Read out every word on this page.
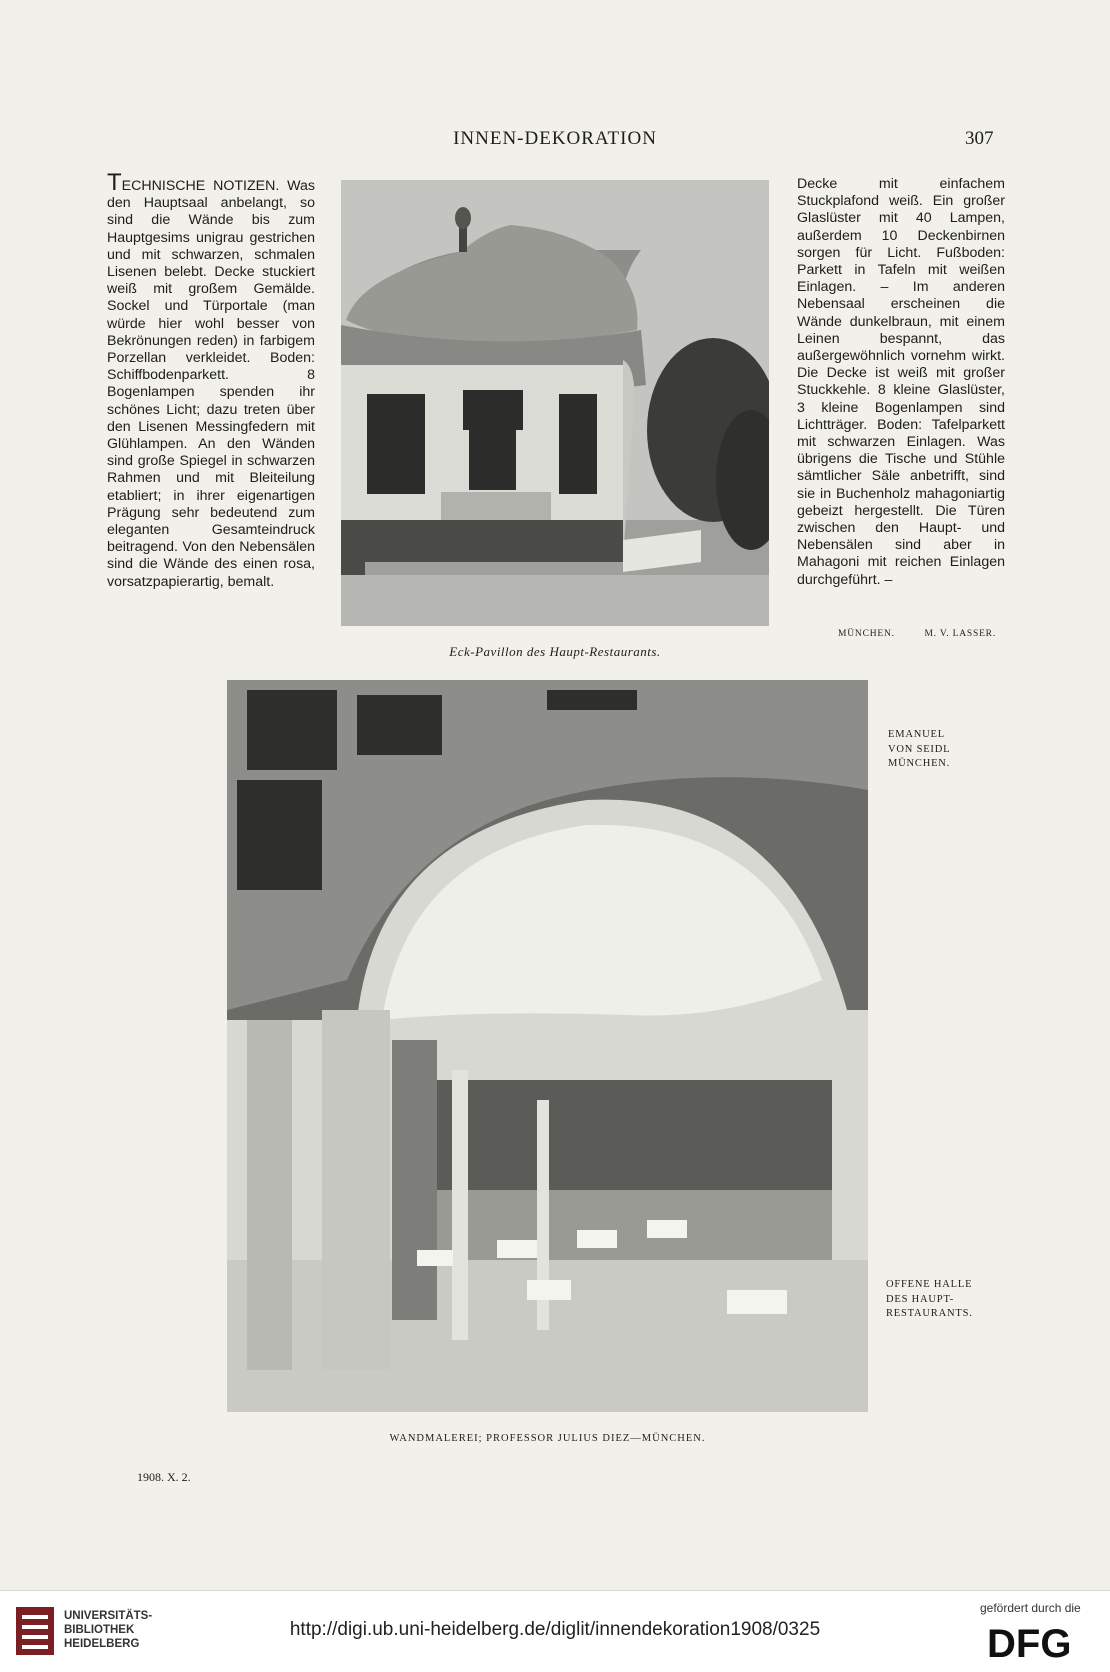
INNEN-DEKORATION	307

TECHNISCHE NOTIZEN. Was den Hauptsaal anbelangt, so sind die Wände bis zum Hauptgesims unigrau gestrichen und mit schwarzen, schmalen Lisenen belebt. Decke stuckiert weiß mit großem Gemälde. Sockel und Türportale (man würde hier wohl besser von Bekrönungen reden) in farbigem Porzellan verkleidet. Boden: Schiffbodenparkett. 8 Bogenlampen spenden ihr schönes Licht; dazu treten über den Lisenen Messingfedern mit Glühlampen. An den Wänden sind große Spiegel in schwarzen Rahmen und mit Bleiteilung etabliert; in ihrer eigenartigen Prägung sehr bedeutend zum eleganten Gesamteindruck beitragend. Von den Nebensälen sind die Wände des einen rosa, vorsatzpapierartig, bemalt.

Eck-Pavillon des Haupt-Restaurants.

Decke mit einfachem Stuckplafond weiß. Ein großer Glaslüster mit 40 Lampen, außerdem 10 Deckenbirnen sorgen für Licht. Fußboden: Parkett in Tafeln mit weißen Einlagen. – Im anderen Nebensaal erscheinen die Wände dunkelbraun, mit einem Leinen bespannt, das außergewöhnlich vornehm wirkt. Die Decke ist weiß mit großer Stuckkehle. 8 kleine Glaslüster, 3 kleine Bogenlampen sind Lichtträger. Boden: Tafelparkett mit schwarzen Einlagen. Was übrigens die Tische und Stühle sämtlicher Säle anbetrifft, sind sie in Buchenholz mahagoniartig gebeizt hergestellt. Die Türen zwischen den Haupt- und Nebensälen sind aber in Mahagoni mit reichen Einlagen durchgeführt. –

MÜNCHEN.	M. V. LASSER.
EMANUEL
VON SEIDL
MÜNCHEN.
OFFENE HALLE
DES HAUPT-
RESTAURANTS.
WANDMALEREI; PROFESSOR JULIUS DIEZ—MÜNCHEN.
1908. X. 2.
UNIVERSITÄTS-
BIBLIOTHEK
HEIDELBERG
http://digi.ub.uni-heidelberg.de/diglit/innendekoration1908/0325
gefördert durch die
DFG
